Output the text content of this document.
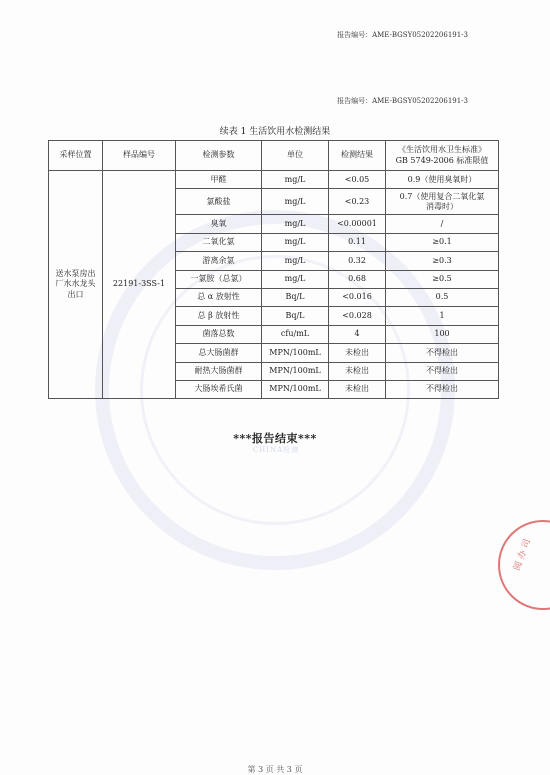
报告编号：AME-BGSY05202206191-3
报告编号：AME-BGSY05202206191-3
CHINA检测
续表 1 生活饮用水检测结果
采样位置	样品编号	检测参数	单位	检测结果	《生活饮用水卫生标准》
GB 5749-2006 标准限值

送水泵房出厂水水龙头出口	22191-3SS-1	甲醛	mg/L	<0.05	0.9（使用臭氧时）
		氯酸盐	mg/L	<0.23	0.7（使用复合二氧化氯消毒时）
		臭氧	mg/L	<0.00001	/
		二氧化氯	mg/L	0.11	≥0.1
		游离余氯	mg/L	0.32	≥0.3
		一氯胺（总氯）	mg/L	0.68	≥0.5
		总 α 放射性	Bq/L	<0.016	0.5
		总 β 放射性	Bq/L	<0.028	1
		菌落总数	cfu/mL	4	100
		总大肠菌群	MPN/100mL	未检出	不得检出
		耐热大肠菌群	MPN/100mL	未检出	不得检出
		大肠埃希氏菌	MPN/100mL	未检出	不得检出
***报告结束***
阅 办 司
第 3 页 共 3 页
